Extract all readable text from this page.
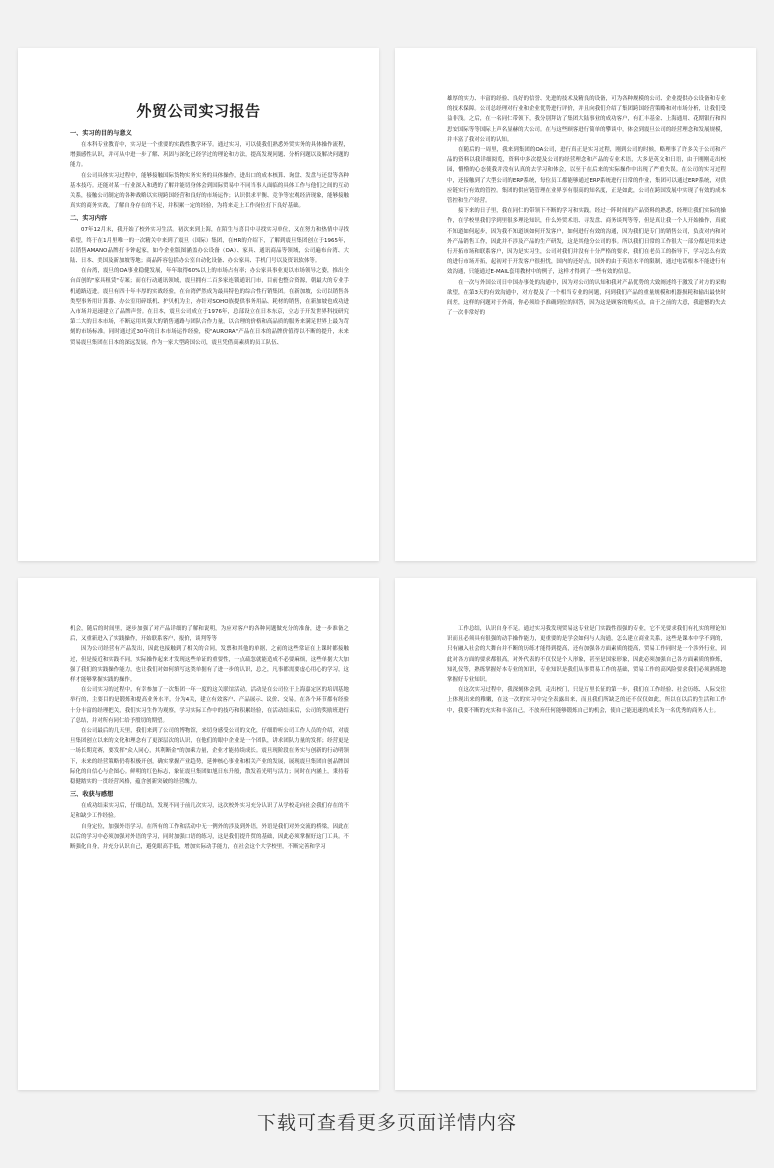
外贸公司实习报告
一、实习的目的与意义
在本科专业教育中，实习是一个重要的实践性教学环节。通过实习，可以使我们熟悉外贸实务的具体操作流程，增强感性认识，并可从中进一步了解、巩固与深化已经学过的理论和方法，提高发现问题、分析问题以及解决问题的能力。
在公司具体实习过程中，能够接触国际货物实务实务的具体操作，进出口的成本核算、询盘、发盘与还盘等各种基本技巧。还能对某一行业深入和透的了解并能切身体会到国际贸易中不同当事人面临的具体工作与他们之间的互动关系，接触公司制定的各种战略以实现跨国经营和良好的市场运作；认识供求平衡、竞争等宏观经济现象，能够接触真实的商务实战，了解自身存在的不足，并积累一定的经验，为将来走上工作岗位打下良好基础。
二、实习内容
07年12月末，我开始了校外实习生活。初次来到上海，在陌生与喜目中寻找实习单位，又在努力和热情中寻找希望，终于在1月里唯一的一次精关中来到了震旦（国际）集团，在HR的介绍下，了解到震旦集团创立于1965年，以销售AMANO品牌打卡钟起家，如今企业版图涵盖办公设备（OA）、家具、通讯商品等领域，公司遍布台湾、大陆、日本、美国及新加坡等地；商品阵容包括办公室自动化设备、办公家具、手机门号以及资讯软体等。
在台湾，震旦的OA事业稳健发展，年年取得60%以上的市场占有率；办公家具事业更以市场领导之姿，推出全台首创的"家具租赁"专案；而在行动通讯领域，震旦拥有二百多家连锁通讯门市，目前也整合资源，朝最大的专业手机通路迈进。震旦有四十年丰厚的实战经验，在台湾俨然成为最具特色的综合性行销集团。在新加坡，公司以销售各类型事务用计算器、办公室用碎纸机、护贝机为主，亦针对SOHO族提供事务用品、耗材的销售，在新加坡也成功进入市场并迅速建立了品牌声誉。在日本，震旦公司成立于1976年，总部设立在日本东京，立志于开发世界科技研究第二大的日本市场，不断运用其强大的销售通路与团队合作力量，以合理的价格和高品质的服务来满足世界上最为苛刻的市场标准。同时通过近30年的日本市场运作经验，使"AURORA"产品在日本的品牌价值得以不断的提升，未来贸易震旦集团在日本的深远发展。作为一家大型跨国公司，震旦凭借高素质的员工队伍、
雄厚的实力、丰富的经验、良好的信誉、先进的技术及精良的设备，可为各种规模的公司、企业提供办公设备和专业的技术保障。公司总经理对行业和企业优势进行评价，并且向我们介绍了集团跨国经营策略和对市场分析，让我们受益非浅。之后，在一名同仁带领下，我分别拜访了集团大陆事业的成功客户，有汇丰基金、上海通用、花期银行和四思安国际等等国际上声名显赫的大公司。在与这些顾客进行简单的攀谈中，体会到震旦公司的经营理念和发展规模，并丰富了我对公司的认知。
在随后的一周里，我来到集团的OA公司，进行真正是实习过程，刚到公司的时候，略理事了许多关于公司和产品的资料以我详细阅览，资料中多次提及公司的经营理念和产品的专业术语，大多是英文和日语，由于刚刚走出校园，懵懵的心态使我并没有认真的去学习和体会，以至于在后来的实际操作中出现了严重失误。在公司的实习过程中，还接触到了大型公司的ERP系统，每位员工都能够通过ERP系统进行日常的作业，集团可以通过ERP系统，对供应链实行有效的管控。集团的供应链管理在业界享有很高的知名度，正是如此，公司在跨国发展中实现了有效的成本管控和生产经营。
接下来的日子里，我在同仁的带领下不断的学习和实践。经过一阵时间的产品资料的熟悉，经理让我们实际的操作，在学校里我们学到里很多理论知识，什么外贸术语、寻发盘、商务谈判等等，但是真让我一个人开始操作，真就不知道如何起步，因为我不知道该如何开发客户，如何进行有效的沟通，因为我们是专门的销售公司，负责对内和对外产品销售工作，因此并不涉及产品的生产研发，这是其他分公司的事。所以我们日常的工作很大一部分都是用来进行开拓市场和联系客户，因为是实习生，公司对我们并没有十分严格的要求，我们在老员工的指导下，学习怎么有效的进行市场开拓，起初对于开发客户很担忧，国内的还好点，国外的由于英语水平的限制，通过电话根本不能进行有效沟通，只能通过E-MAIL套用教材中的例子，这样才得到了一些有效的信息。
在一次与外国公司日中国办事处的沟通中，因为对公司的认知和我对产品优势的大致阐述终于激发了对方的采购欲望，在第3天的有效沟通中，对方提及了一个相当专业的问题，问到我们产品的重量规模和机器损耗和输出最快时间差，这样的问题对于外商，你必须给予准确到位的回答，因为这是顾客的购买点，由于之前的大意，我遗憾的失去了一次非常好的
机会，随后的时间里，逐步加强了对产品详细的了解和说明，为应对客户的各种问题做充分的准备，进一步准备之后，又重新进入了实践操作，开始联系客户，报价，谈判等等
因为公司经营有产品发出，因此也接触到了相关的合同，发票和其他的单据，之前的这些常证在上课时都接触过，但是接近和实践不同，实际操作起来才发现这些单证的重要性，一点疏忽就能造成不必要麻烦，这些单据大大加强了我们的实践操作能力，也让我们对如何填写这类单据有了进一步的认识，总之，凡事都需要虚心用心的学习，这样才能够掌握实践的操作。
在公司实习的过程中，有幸参加了一次集团一年一度的这关联谊活动，活动是在公司位于上海嘉定区的培训基地举行的，主要目的是锻炼和提高业务水平，分为4关，建立有效客户、产品展示、议价、交易。在各个环节都有经验十分丰富的经理把关，我们实习生作为观察，学习实际工作中的技巧和积累经验，在活动结束后，公司的奖励班进行了总结，并对所有同仁给予殷切的期望。
在公司最后的几天里，我们来到了公司的博物馆，来切身感受公司的文化，仔细聆听公司工作人员的介绍，对震旦集团创立以来的文化和理念有了更深层次的认识，在他们的眼中企业是一个团队，讲求团队力量的发挥；经营更是一场长期竞赛，要发挥"众人同心，其利断金"的加乘力量，企业才能持续成长。震旦现阶段在务实与创新的行动明领下，未来的经营策略仍将积极开创，确实掌握产业趋势，延伸核心事业和相关产业的发展，展现震旦集团自创品牌国际化的自信心与企图心。鲜明的红色标志，象征震旦集团如旭日东升般，散发着光明与活力；同时在内涵上，秉持着稳健踏实的一贯经营风格，蕴含创新突破的经营魄力。
三、收获与感想
在成功结束实习后，仔细总结，发现不同于前几次实习，这次校外实习充分认识了从学校走向社会我们存在的不足和缺少工作经验。
自身定位，加强外语学习。在所有的工作和活动中无一例外的涉及到外语，外语是我们对外交流的桥梁，因此在以后的学习中必须加强对外语的学习，同时加强口语的练习，这是我们提升贸的基础，因此必须掌握好这门工具。不断强化自身，并充分认识自己，避免眼高手低，增加实际动手能力，在社会这个大学校里，不断完善和学习
工作总结，认识自身不足。通过实习我发现贸易这专业是门实践性很强的专业，它不光要求我们有扎实的理论知识而且必须具有很强的动手操作能力，更重要的是学会如何与人沟通，怎么建立商业关系，这些是课本中学不到的，只有融入社会的大舞台并不断的历练才能得到提高，还有加强各方面素质的提高，贸易工作同时是一个涉外行业，因此对各方面的要求都很高，对外代表的不仅仅是个人形象，甚至是国家形象，因此必须加强自己各方面素质的修炼，知礼仪等，熟练掌握好本专业的知识，专业知识是我们从事贸易工作的基础，贸易工作的高风险要求我们必须熟练地掌握好专业知识。
在这次实习过程中，我深刻体会到，走出校门，只是万里长征的第一步，我们在工作经验、社会历练、人际交往上体现出来的稚嫩，在这一次的实习中完全表露出来，而且我们所缺乏的还不仅仅如此，所以在以后的生活和工作中，我要不断的充实和丰富自己，不放弃任何能够锻炼自己的机会，使自己能迅速的成长为一名优秀的商务人士。
下载可查看更多页面详情内容
